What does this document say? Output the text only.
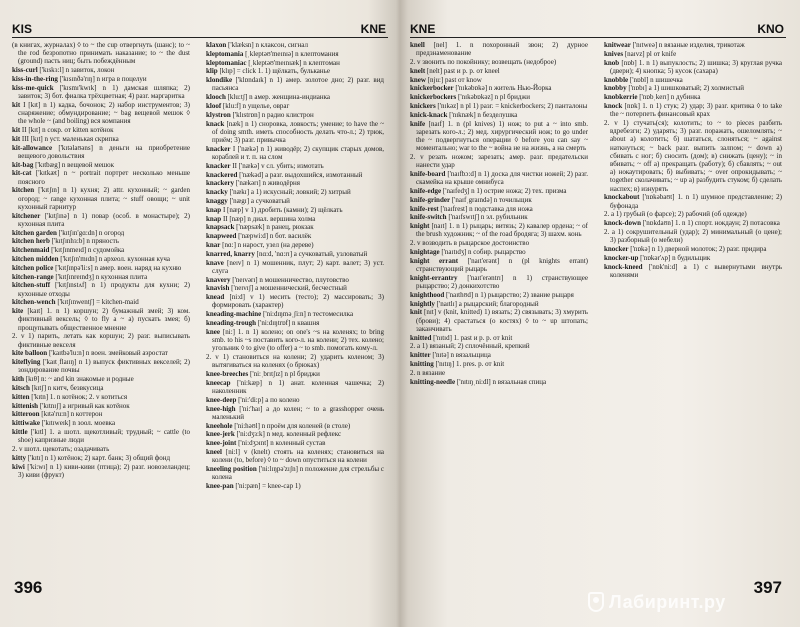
KIS	KNE

(в книгах, журналах) ◊ to ~ the cup отвергнуть (шанс); to ~ the rod безропотно принимать наказание; to ~ the dust (ground) пасть ниц; быть побеждённым

kiss-curl ['kɪskɜ:l] n завиток, локон

kiss-in-the-ring ['kɪsɪnðə'rɪŋ] n игра в поцелуи

kiss-me-quick ['kɪsmɪ'kwɪk] n 1) дамская шляпка; 2) завиток; 3) бот. фиалка трёхцветная; 4) разг. маргаритка

kit I [kɪt] n 1) кадка, бочонок; 2) набор инструментов; 3) снаряжение; обмундирование; ~ bag вещевой мешок ◊ the whole ~ (and boiling) вся компания

kit II [kɪt] n сокр. от kitten котёнок

kit III [kɪt] n уст. маленькая скрипка

kit-allowance ['kɪtəlaʊəns] n деньги на приобретение вещевого довольствия

kit-bag ['kɪtbæg] n вещевой мешок

kit-cat ['kɪtkæt] n ~ portrait портрет несколько меньше поясного

kitchen ['kɪtʃɪn] n 1) кухня; 2) attr. кухонный; ~ garden огород; ~ range кухонная плита; ~ stuff овощи; ~ unit кухонный гарнитур

kitchener ['kɪtʃɪnə] n 1) повар (особ. в монастыре); 2) кухонная плита

kitchen garden ['kɪtʃɪn'gɑ:dn] n огород

kitchen herb ['kɪtʃɪnhɜ:b] n пряность

kitchenmaid ['kɪtʃɪnmeɪd] n судомойка

kitchen midden ['kɪtʃɪn'mɪdn] n археол. кухонная куча

kitchen police ['kɪtʃɪnpə'li:s] n амер. воен. наряд на кухню

kitchen-range ['kɪtʃɪnreɪndʒ] n кухонная плита

kitchen-stuff ['kɪtʃɪnstʌf] n 1) продукты для кухни; 2) кухонные отходы

kitchen-wench ['kɪtʃɪnwentʃ] = kitchen-maid

kite [kaɪt] 1. n 1) коршун; 2) бумажный змей; 3) ком. фиктивный вексель; ◊ to fly a ~ a) пускать змея; б) прощупывать общественное мнение

2. v 1) парить, летать как коршун; 2) разг. выписывать фиктивные векселя

kite balloon ['kaɪtbə'lu:n] n воен. змейковый аэростат

kiteflying ['kaɪtˌflaɪɪŋ] n 1) выпуск фиктивных векселей; 2) зондирование почвы

kith [kɪθ] n: ~ and kin знакомые и родные

kitsch [kɪtʃ] n китч, безвкусица

kitten ['kɪtn] 1. n котёнок; 2. v котиться

kittenish ['kɪtnɪʃ] a игривый как котёнок

kitteroon [kɪtə'ru:n] n коттерон

kittiwake ['kɪtɪweɪk] n зоол. моевка

kittle ['kɪtl] 1. a шотл. щекотливый; трудный; ~ cattle (to shoe) капризные люди

2. v шотл. щекотать; озадачивать

kitty ['kɪtɪ] n 1) котёнок; 2) карт. банк; 3) общий фонд

kiwi ['ki:wɪ] n 1) киви-киви (птица); 2) разг. новозеландец; 3) киви (фрукт)

klaxon ['klæksn] n клаксон, сигнал

kleptomania [ˌkleptəʊ'meɪnɪə] n клептомания

kleptomaniac [ˌkleptəʊ'meɪnɪæk] n клептоман

klip [klɪp] = click 1. 1) щёлкать, бульканье

klondike ['klɒndaɪk] n 1) амер. золотое дно; 2) разг. вид пасьянса

klooch [klu:tʃ] n амер. женщина-индианка

kloof [klu:f] n ущелье, овраг

klystron ['klɪstrɒn] n радио клистрон

knack [næk] n 1) сноровка, ловкость; умение; to have the ~ of doing smth. иметь способность делать что-л.; 2) трюк, приём; 3) разг. привычка

knacker I ['nækə] n 1) живодёр; 2) скупщик старых домов, кораблей и т. п. на слом

knacker II ['nækə] v сл. убить; измотать

knackered ['nækəd] a разг. выдохшийся, измотанный

knackery ['nækərɪ] n живодёрня

knacky ['nækɪ] a 1) искусный; ловкий; 2) хитрый

knaggy ['nægɪ] a сучковатый

knap I [næp] v 1) дробить (камни); 2) щёлкать

knap II [næp] n диал. вершина холма

knapsack ['næpsæk] n ранец, рюкзак

knapweed ['næpwi:d] n бот. василёк

knar [nɑ:] n нарост, узел (на дереве)

knarred, knarry [nɑ:d, 'nɑ:rɪ] a сучковатый, узловатый

knave [neɪv] n 1) мошенник, плут; 2) карт. валет; 3) уст. слуга

knavery ['neɪvərɪ] n мошенничество, плутовство

knavish ['neɪvɪʃ] a мошеннический, бесчестный

knead [ni:d] v 1) месить (тесто); 2) массировать; 3) формировать (характер)

kneading-machine ['ni:dɪŋməˌʃi:n] n тестомесилка

kneading-trough ['ni:dɪŋtrɒf] n квашня

knee [ni:] 1. n 1) колено; on one's ~s на коленях; to bring smb. to his ~s поставить кого-л. на колени; 2) тех. колено; угольник ◊ to give (to offer) a ~ to smb. помогать кому-л.

2. v 1) становиться на колени; 2) ударить коленом; 3) вытягиваться на коленях (о брюках)

knee-breeches ['ni:ˌbrɪtʃɪz] n pl бриджи

kneecap ['ni:kæp] n 1) анат. коленная чашечка; 2) наколенник

knee-deep ['ni:'di:p] a по колено

knee-high ['ni:'haɪ] a до колен; ~ to a grasshopper очень маленький

kneehole ['ni:həʊl] n проём для коленей (в столе)

knee-jerk ['ni:dʒɜ:k] n мед. коленный рефлекс

knee-joint ['ni:dʒɔɪnt] n коленный сустав

kneel [ni:l] v (knelt) стоять на коленях; становиться на колени (to, before) ◊ to ~ down опуститься на колени

kneeling position ['ni:lɪŋpə'zɪʃn] n положение для стрельбы с колена

knee-pan ['ni:pæn] = knee-cap 1)

396
KNE	KNO

knell [nel] 1. n похоронный звон; 2) дурное предзнаменование

2. v звонить по покойнику; возвещать (недоброе)

knelt [nelt] past и p. p. от kneel

knew [nju:] past от know

knickerbocker ['nɪkəbɒkə] n житель Нью-Йорка

knickerbockers ['nɪkəbɒkəz] n pl бриджи

knickers ['nɪkəz] n pl 1) разг. = knickerbockers; 2) панталоны

knick-knack ['nɪknæk] n безделушка

knife [naɪf] 1. n (pl knives) 1) нож; to put a ~ into smb. зарезать кого-л.; 2) мед. хирургический нож; to go under the ~ подвергнуться операции ◊ before you can say ~ моментально; war to the ~ война не на жизнь, а на смерть

2. v резать ножом; зарезать; амер. разг. предательски нанести удар

knife-board ['naɪfbɔ:d] n 1) доска для чистки ножей; 2) разг. скамейка на крыше омнибуса

knife-edge ['naɪfedʒ] n 1) острие ножа; 2) тех. призма

knife-grinder ['naɪfˌgraɪndə] n точильщик

knife-rest ['naɪfrest] n подставка для ножа

knife-switch ['naɪfswɪtʃ] n эл. рубильник

knight [naɪt] 1. n 1) рыцарь; витязь; 2) кавалер ордена; ~ of the brush художник; ~ of the road бродяга; 3) шахм. конь

2. v возводить в рыцарское достоинство

knightage ['naɪtɪdʒ] n собир. рыцарство

knight errant ['naɪt'erənt] n (pl knights errant) странствующий рыцарь

knight-errantry ['naɪt'erəntrɪ] n 1) странствующее рыцарство; 2) донкихотство

knighthood ['naɪthʊd] n 1) рыцарство; 2) звание рыцаря

knightly ['naɪtlɪ] a рыцарский; благородный

knit [nɪt] v (knit, knitted) 1) вязать; 2) связывать; 3) хмурить (брови); 4) срастаться (о костях) ◊ to ~ up штопать; заканчивать

knitted ['nɪtɪd] 1. past и p. p. от knit

2. a 1) вязаный; 2) сплочённый, крепкий

knitter ['nɪtə] n вязальщица

knitting ['nɪtɪŋ] 1. pres. p. от knit

2. n вязание

knitting-needle ['nɪtɪŋˌni:dl] n вязальная спица

knitwear ['nɪtweə] n вязаные изделия, трикотаж

knives [naɪvz] pl от knife

knob [nɒb] 1. n 1) выпуклость; 2) шишка; 3) круглая ручка (двери); 4) кнопка; 5) кусок (сахара)

knobble ['nɒbl] n шишечка

knobby ['nɒbɪ] a 1) шишковатый; 2) холмистый

knobkerrie ['nɒbˌkerɪ] n дубинка

knock [nɒk] 1. n 1) стук; 2) удар; 3) разг. критика ◊ to take the ~ потерпеть финансовый крах

2. v 1) стучать(ся); колотить; to ~ to pieces разбить вдребезги; 2) ударять; 3) разг. поражать, ошеломлять; ~ about a) колотить; б) шататься, слоняться; ~ against наткнуться; ~ back разг. выпить залпом; ~ down a) сбивать с ног; б) сносить (дом); в) снижать (цену); ~ in вбивать; ~ off a) прекращать (работу); б) сбавлять; ~ out a) нокаутировать; б) выбивать; ~ over опрокидывать; ~ together сколачивать; ~ up a) разбудить стуком; б) сделать наспех; в) изнурять

knockabout ['nɒkəbaʊt] 1. n 1) шумное представление; 2) буфонада

2. a 1) грубый (о фарсе); 2) рабочий (об одежде)

knock-down ['nɒkdaʊn] 1. n 1) спорт. нокдаун; 2) потасовка

2. a 1) сокрушительный (удар); 2) минимальный (о цене); 3) разборный (о мебели)

knocker ['nɒkə] n 1) дверной молоток; 2) разг. придира

knocker-up ['nɒkər'ʌp] n будильщик

knock-kneed ['nɒk'ni:d] a 1) с вывернутыми внутрь коленями

397
Лабиринт.ру
